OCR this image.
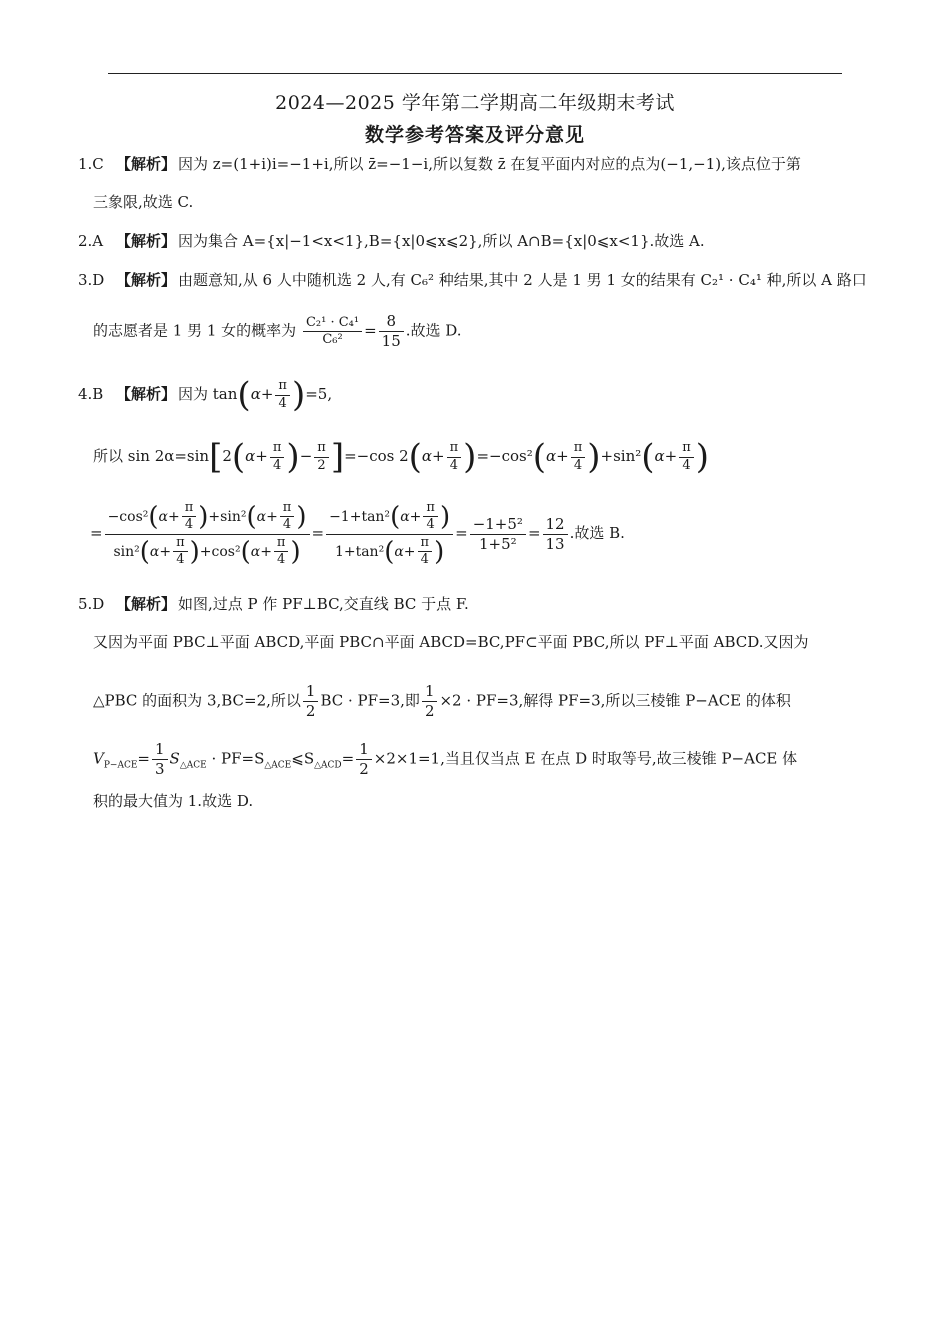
2024—2025 学年第二学期高二年级期末考试
数学参考答案及评分意见
1.C 【解析】 因为 z=(1+i)i=−1+i,所以 z̄=−1−i,所以复数 z̄ 在复平面内对应的点为(−1,−1),该点位于第
三象限,故选 C.
2.A 【解析】 因为集合 A={x|−1<x<1},B={x|0⩽x⩽2},所以 A∩B={x|0⩽x<1}.故选 A.
3.D 【解析】 由题意知,从 6 人中随机选 2 人,有 C₆² 种结果,其中 2 人是 1 男 1 女的结果有 C₂¹ · C₄¹ 种,所以 A 路口
的志愿者是 1 男 1 女的概率为 $\frac{\text{C₂¹ · C₄¹}}{\text{C₆²}} = \frac{8}{15}$ .故选 D.
4.B 【解析】 因为 $\tan(\alpha+ \frac{\pi}{4} )=5$,
所以 $\sin 2\alpha=\sin[2(\alpha+ \frac{\pi}{4}$ )− $\frac{\pi}{2} ]=-\cos$ $2(\alpha+ \frac{\pi}{4} )=-\cos^2(\alpha+ \frac{\pi}{4} )+\sin^2(\alpha+ \frac{\pi}{4}$ )
= $\frac{-\cos^2(\alpha+ \frac{\pi}{4} )+\sin^2(\alpha+ \frac{\pi}{4} )}{\sin^2(\alpha+ \frac{\pi}{4} )+\cos^2(\alpha+ \frac{\pi}{4} )} = \frac{-1+\tan^2(\alpha+ \frac{\pi}{4} )}{1+\tan^2(\alpha+ \frac{\pi}{4} )} = \frac{\text{−1+5²}}{\text{1+5²}} = \frac{12}{13}$ .故选 B.
5.D 【解析】 如图,过点 P 作 PF⊥BC,交直线 BC 于点 F.
又因为平面 PBC⊥平面 ABCD,平面 PBC∩平面 ABCD=BC,PF⊂平面 PBC,所以 PF⊥平面 ABCD.又因为
△PBC 的面积为 3,BC=2,所以 $\frac{1}{2}$ BC · PF=3,即 $\frac{1}{2} \times 2 \cdot PF=3$,解得 PF=3,所以三棱锥 P−ACE 的体积
$V_{P-ACE}= \frac{1}{3} S_{\triangle ACE}$ · $PF=S_{\triangle ACE}⩽S_{\triangle ACD}= \frac{1}{2} \times 2\times 1=1$,当且仅当点 E 在点 D 时取等号,故三棱锥 P−ACE 体
积的最大值为 1.故选 D.
